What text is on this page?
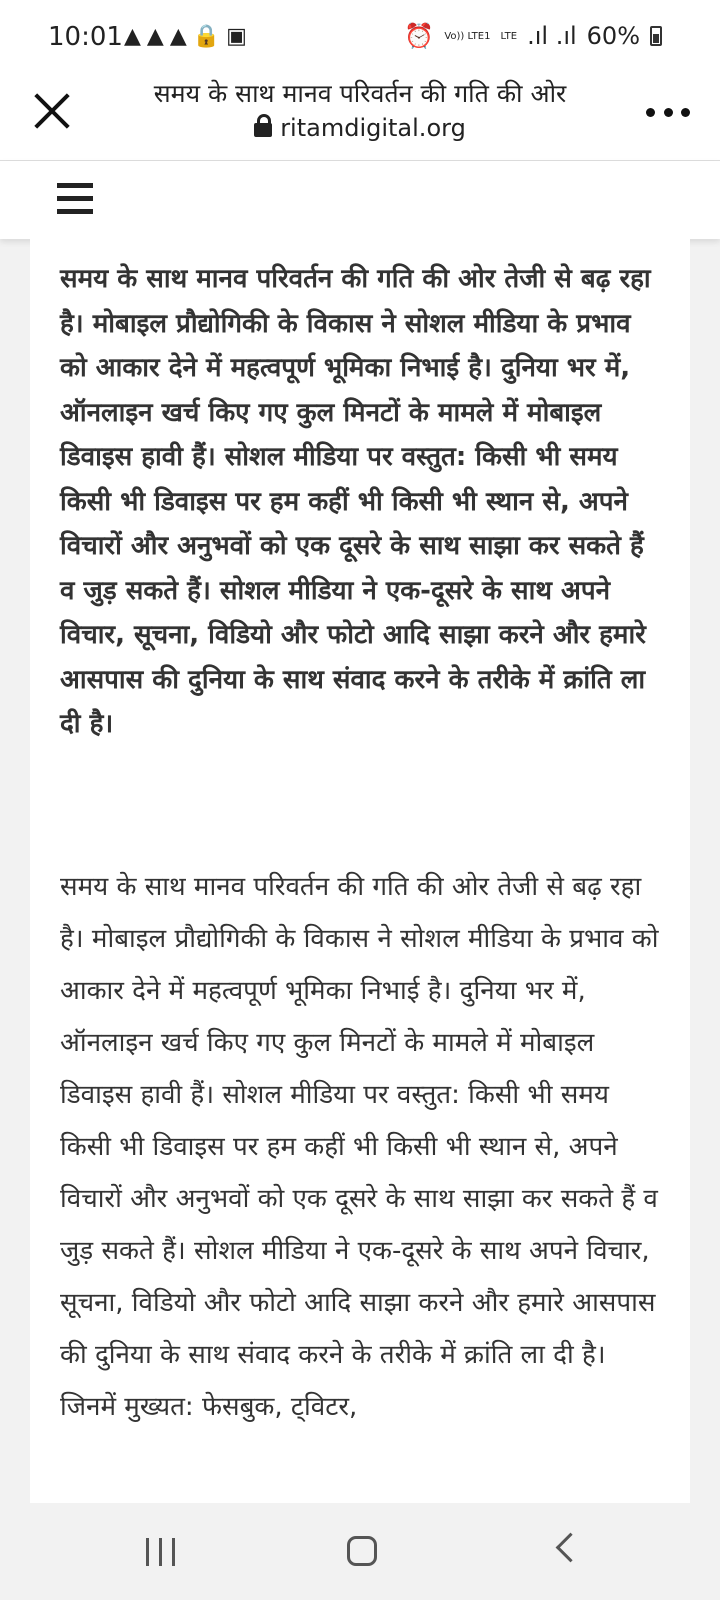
10:01 ▲▲▲🔒▣	⏰ Vo)) LTE1 LTE .ıl .ıl 60%
समय के साथ मानव परिवर्तन की गति की ओर
ritamdigital.org

समय के साथ मानव परिवर्तन की गति की ओर तेजी से बढ़ रहा है। मोबाइल प्रौद्योगिकी के विकास ने सोशल मीडिया के प्रभाव को आकार देने में महत्वपूर्ण भूमिका निभाई है। दुनिया भर में, ऑनलाइन खर्च किए गए कुल मिनटों के मामले में मोबाइल डिवाइस हावी हैं। सोशल मीडिया पर वस्तुत: किसी भी समय किसी भी डिवाइस पर हम कहीं भी किसी भी स्थान से, अपने विचारों और अनुभवों को एक दूसरे के साथ साझा कर सकते हैं व जुड़ सकते हैं। सोशल मीडिया ने एक-दूसरे के साथ अपने विचार, सूचना, विडियो और फोटो आदि साझा करने और हमारे आसपास की दुनिया के साथ संवाद करने के तरीके में क्रांति ला दी है।

समय के साथ मानव परिवर्तन की गति की ओर तेजी से बढ़ रहा है। मोबाइल प्रौद्योगिकी के विकास ने सोशल मीडिया के प्रभाव को आकार देने में महत्वपूर्ण भूमिका निभाई है। दुनिया भर में, ऑनलाइन खर्च किए गए कुल मिनटों के मामले में मोबाइल डिवाइस हावी हैं। सोशल मीडिया पर वस्तुत: किसी भी समय किसी भी डिवाइस पर हम कहीं भी किसी भी स्थान से, अपने विचारों और अनुभवों को एक दूसरे के साथ साझा कर सकते हैं व जुड़ सकते हैं। सोशल मीडिया ने एक-दूसरे के साथ अपने विचार, सूचना, विडियो और फोटो आदि साझा करने और हमारे आसपास की दुनिया के साथ संवाद करने के तरीके में क्रांति ला दी है। जिनमें मुख्यत: फेसबुक, ट्विटर,
